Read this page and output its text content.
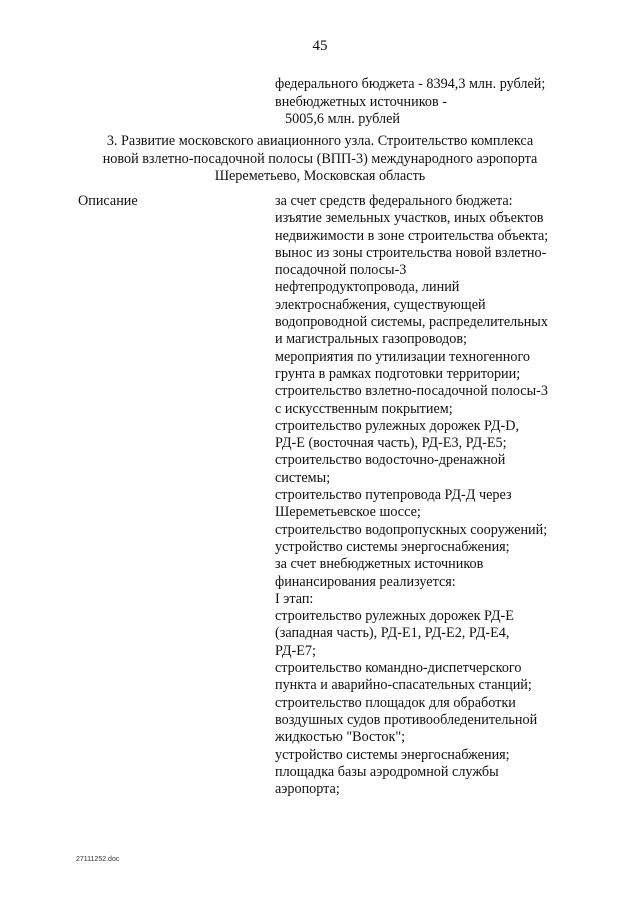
45
федерального бюджета - 8394,3 млн. рублей;
внебюджетных источников -
5005,6 млн. рублей
3. Развитие московского авиационного узла. Строительство комплекса
новой взлетно-посадочной полосы (ВПП-3) международного аэропорта
Шереметьево, Московская область
Описание	за счет средств федерального бюджета:
изъятие земельных участков, иных объектов
недвижимости в зоне строительства объекта;
вынос из зоны строительства новой взлетно-
посадочной полосы-3
нефтепродуктопровода, линий
электроснабжения, существующей
водопроводной системы, распределительных
и магистральных газопроводов;
мероприятия по утилизации техногенного
грунта в рамках подготовки территории;
строительство взлетно-посадочной полосы-3
с искусственным покрытием;
строительство рулежных дорожек РД-D,
РД-Е (восточная часть), РД-Е3, РД-Е5;
строительство водосточно-дренажной
системы;
строительство путепровода РД-Д через
Шереметьевское шоссе;
строительство водопропускных сооружений;
устройство системы энергоснабжения;
за счет внебюджетных источников
финансирования реализуется:
I этап:
строительство рулежных дорожек РД-Е
(западная часть), РД-Е1, РД-Е2, РД-Е4,
РД-Е7;
строительство командно-диспетчерского
пункта и аварийно-спасательных станций;
строительство площадок для обработки
воздушных судов противообледенительной
жидкостью "Восток";
устройство системы энергоснабжения;
площадка базы аэродромной службы
аэропорта;
27111252.doc
